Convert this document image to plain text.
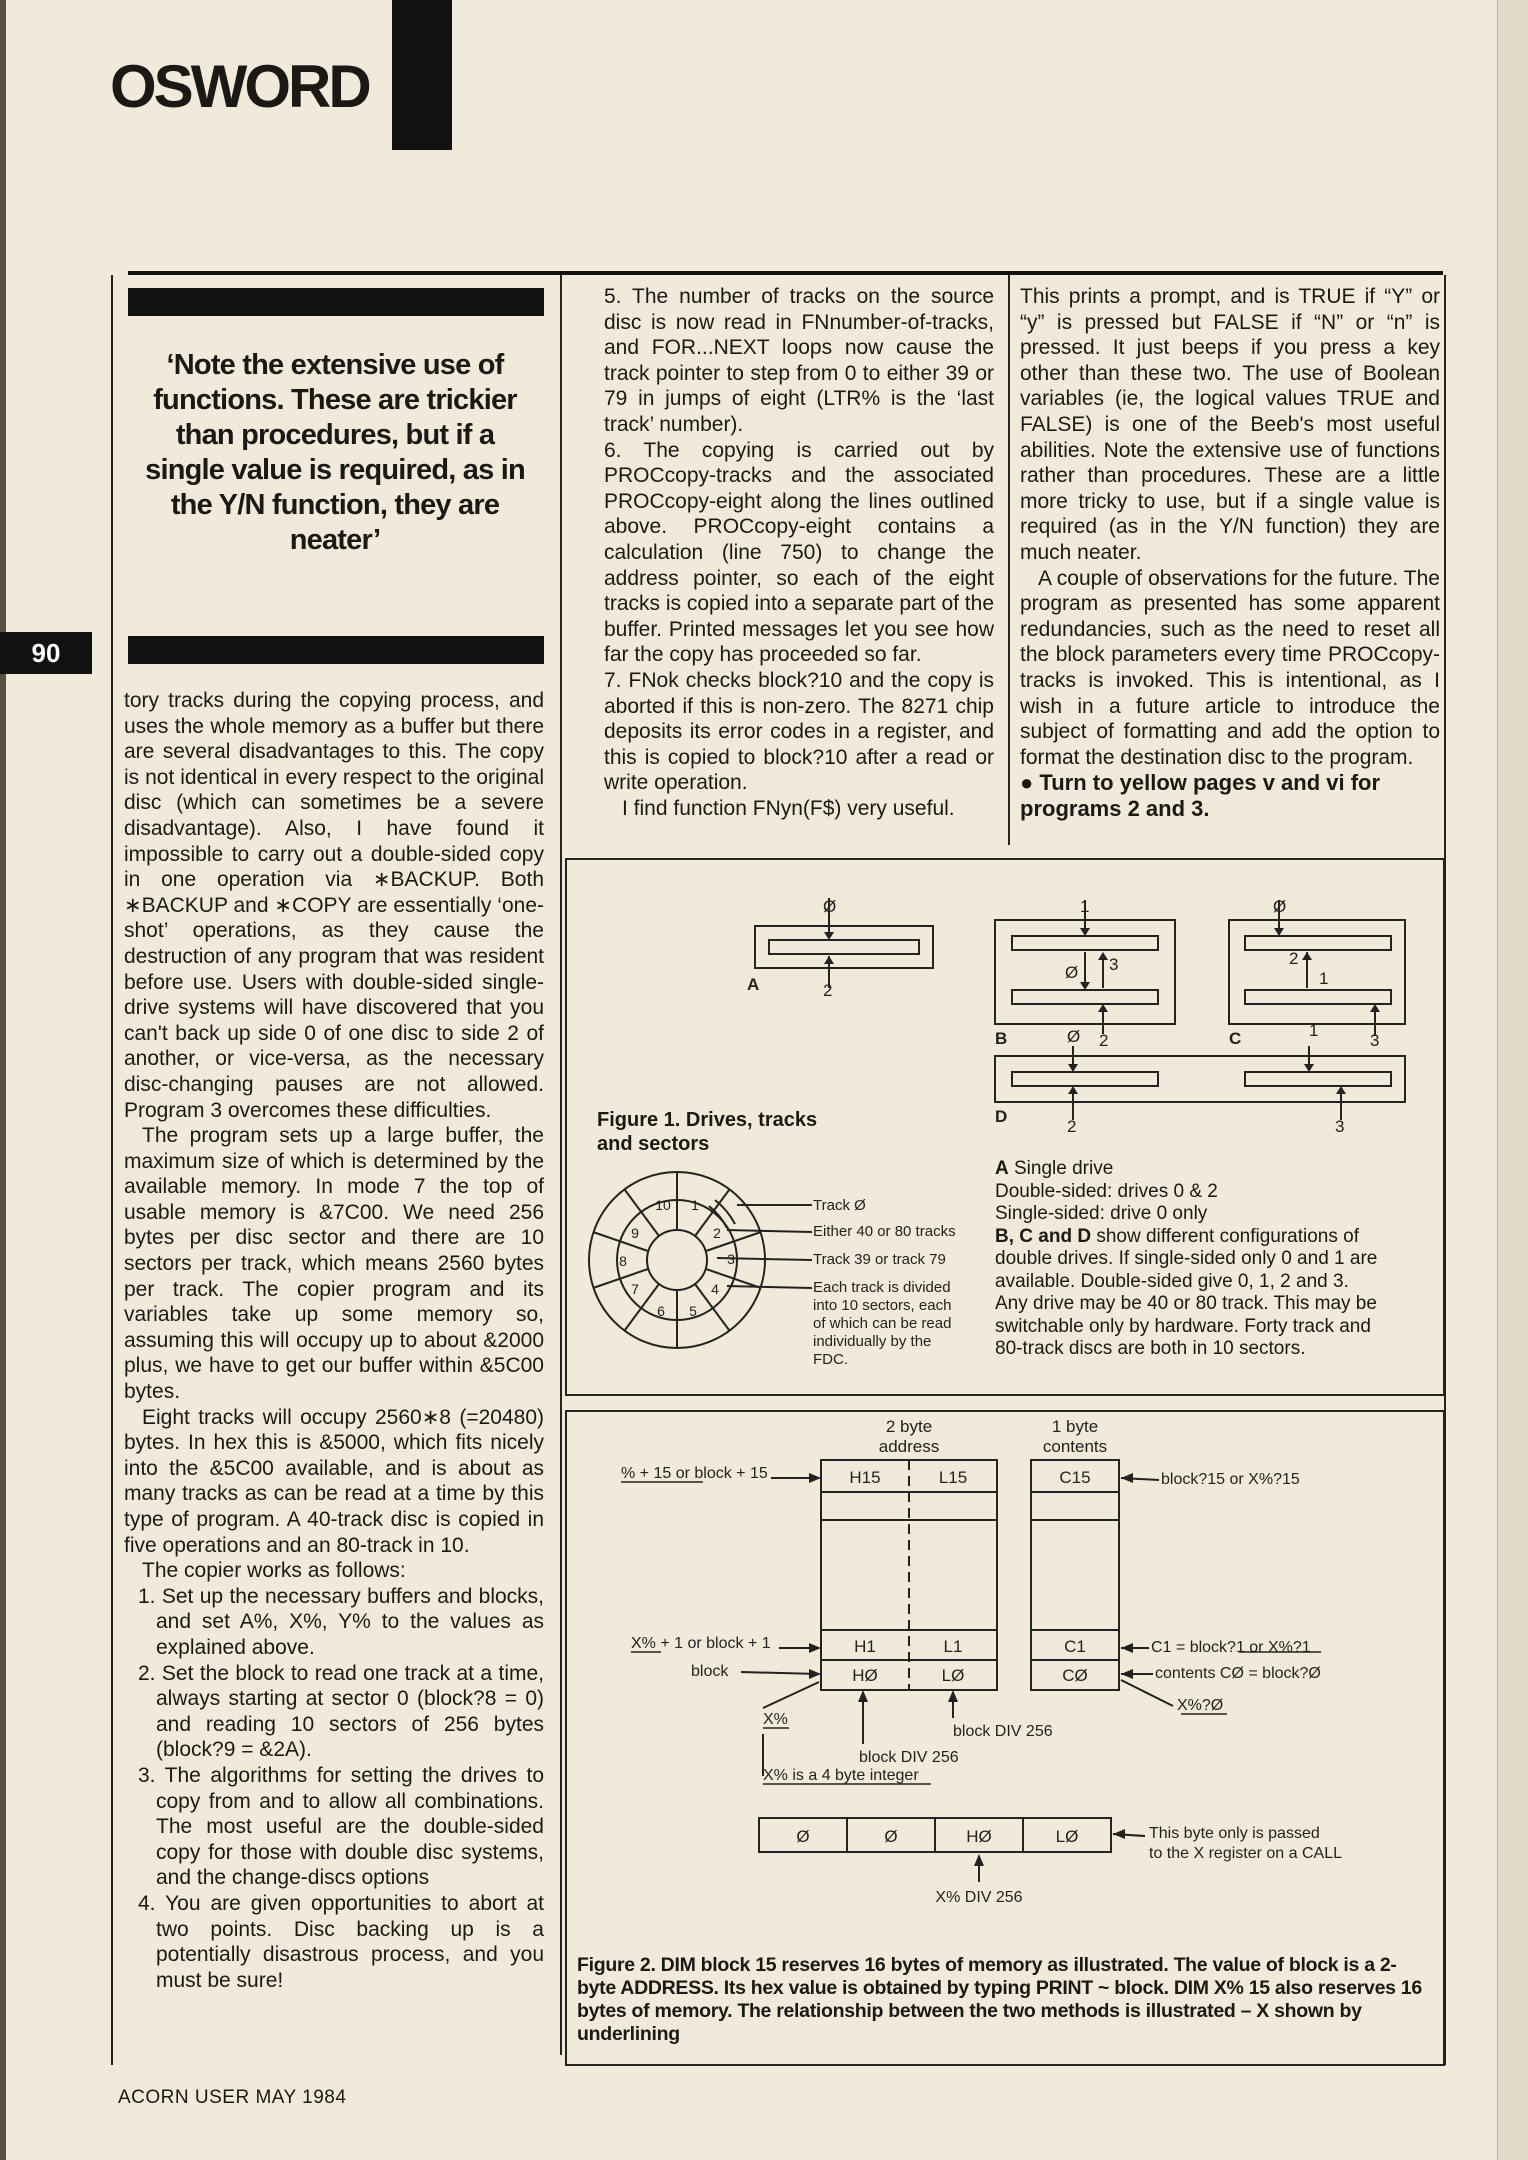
OSWORD
90
‘Note the extensive use of functions. These are trickier than procedures, but if a single value is required, as in the Y/N function, they are neater’

tory tracks during the copying process, and uses the whole memory as a buffer but there are several disadvantages to this. The copy is not identical in every respect to the original disc (which can sometimes be a severe disadvantage). Also, I have found it impossible to carry out a double-sided copy in one operation via ∗BACKUP. Both ∗BACKUP and ∗COPY are essentially ‘one-shot’ operations, as they cause the destruction of any program that was resident before use. Users with double-sided single-drive systems will have discovered that you can't back up side 0 of one disc to side 2 of another, or vice-versa, as the necessary disc-changing pauses are not allowed. Program 3 overcomes these difficulties.

The program sets up a large buffer, the maximum size of which is determined by the available memory. In mode 7 the top of usable memory is &7C00. We need 256 bytes per disc sector and there are 10 sectors per track, which means 2560 bytes per track. The copier program and its variables take up some memory so, assuming this will occupy up to about &2000 plus, we have to get our buffer within &5C00 bytes.

Eight tracks will occupy 2560∗8 (=20480) bytes. In hex this is &5000, which fits nicely into the &5C00 available, and is about as many tracks as can be read at a time by this type of program. A 40-track disc is copied in five operations and an 80-track in 10.

The copier works as follows:

1. Set up the necessary buffers and blocks, and set A%, X%, Y% to the values as explained above.

2. Set the block to read one track at a time, always starting at sector 0 (block?8 = 0) and reading 10 sectors of 256 bytes (block?9 = &2A).

3. The algorithms for setting the drives to copy from and to allow all combinations. The most useful are the double-sided copy for those with double disc systems, and the change-discs options

4. You are given opportunities to abort at two points. Disc backing up is a potentially disastrous process, and you must be sure!

5. The number of tracks on the source disc is now read in FNnumber-of-tracks, and FOR...NEXT loops now cause the track pointer to step from 0 to either 39 or 79 in jumps of eight (LTR% is the ‘last track’ number).

6. The copying is carried out by PROCcopy-tracks and the associated PROCcopy-eight along the lines outlined above. PROCcopy-eight contains a calculation (line 750) to change the address pointer, so each of the eight tracks is copied into a separate part of the buffer. Printed messages let you see how far the copy has proceeded so far.

7. FNok checks block?10 and the copy is aborted if this is non-zero. The 8271 chip deposits its error codes in a register, and this is copied to block?10 after a read or write operation.

I find function FNyn(F$) very useful.

This prints a prompt, and is TRUE if “Y” or “y” is pressed but FALSE if “N” or “n” is pressed. It just beeps if you press a key other than these two. The use of Boolean variables (ie, the logical values TRUE and FALSE) is one of the Beeb's most useful abilities. Note the extensive use of functions rather than procedures. These are a little more tricky to use, but if a single value is required (as in the Y/N function) they are much neater.

A couple of observations for the future. The program as presented has some apparent redundancies, such as the need to reset all the block parameters every time PROCcopy-tracks is invoked. This is intentional, as I wish in a future article to introduce the subject of formatting and add the option to format the destination disc to the program.

● Turn to yellow pages v and vi for programs 2 and 3.

Ø
A	2
1
Ø 3
B	2
Ø
2
1
C	1
3
Ø
D
2	3
10 1
2
3
4
5
6
7
8
9
Track Ø
Either 40 or 80 tracks
Track 39 or track 79
Each track is divided
into 10 sectors, each
of which can be read
individually by the
FDC.
Figure 1. Drives, tracks and sectors
A Single drive
Double-sided: drives 0 & 2
Single-sided: drive 0 only
B, C and D show different configurations of
double drives. If single-sided only 0 and 1 are
available. Double-sided give 0, 1, 2 and 3.
Any drive may be 40 or 80 track. This may be
switchable only by hardware. Forty track and
80-track discs are both in 10 sectors.
2 byte
address
1 byte
contents
H15	L15	C15
H1	L1	C1
HØ	LØ	CØ
Ø	Ø	HØ	LØ
% + 15 or block + 15
X% + 1 or block + 1
block
X%
block?15 or X%?15
C1 = block?1 or X%?1
contents CØ = block?Ø
X%?Ø
block DIV 256
block DIV 256
X% is a 4 byte integer
X% DIV 256
This byte only is passed
to the X register on a CALL
Figure 2. DIM block 15 reserves 16 bytes of memory as illustrated. The value of block is a 2-byte ADDRESS. Its hex value is obtained by typing PRINT ~ block. DIM X% 15 also reserves 16 bytes of memory. The relationship between the two methods is illustrated – X shown by underlining
ACORN USER MAY 1984
